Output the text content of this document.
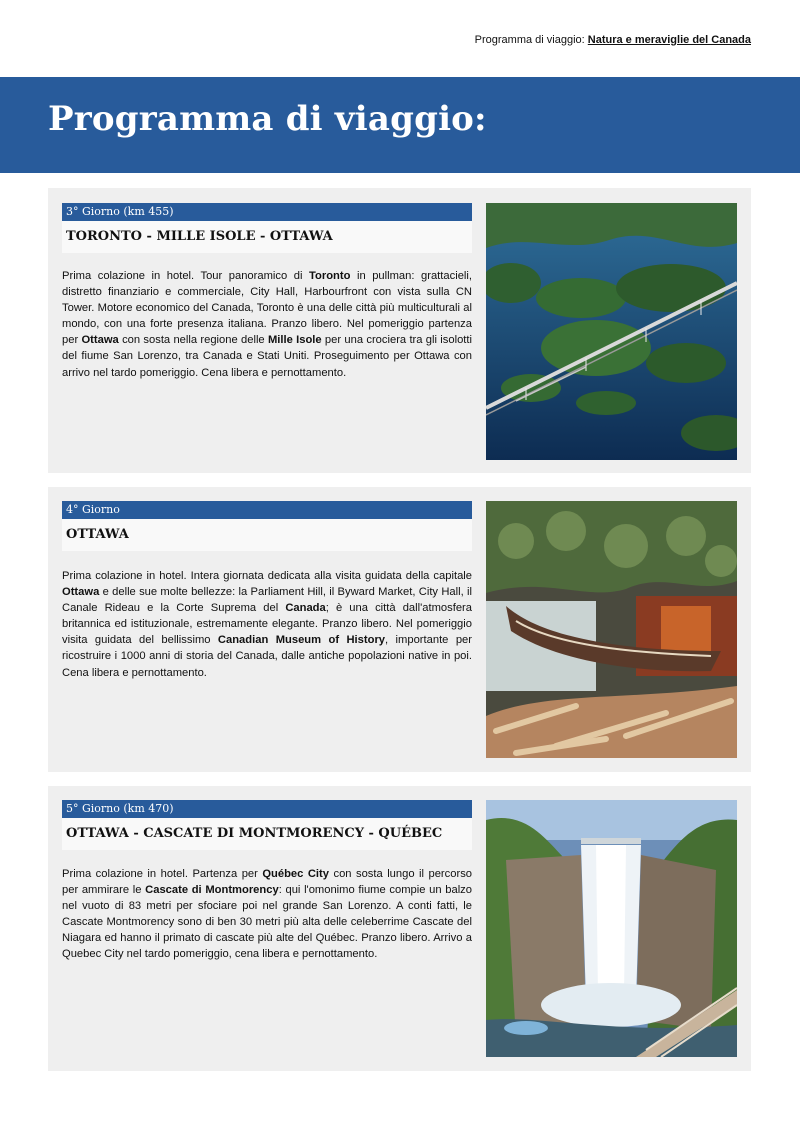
Programma di viaggio: Natura e meraviglie del Canada
Programma di viaggio:
3° Giorno (km 455)
TORONTO - MILLE ISOLE - OTTAWA
Prima colazione in hotel. Tour panoramico di Toronto in pullman: grattacieli, distretto finanziario e commerciale, City Hall, Harbourfront con vista sulla CN Tower. Motore economico del Canada, Toronto è una delle città più multiculturali al mondo, con una forte presenza italiana. Pranzo libero. Nel pomeriggio partenza per Ottawa con sosta nella regione delle Mille Isole per una crociera tra gli isolotti del fiume San Lorenzo, tra Canada e Stati Uniti. Proseguimento per Ottawa con arrivo nel tardo pomeriggio. Cena libera e pernottamento.
4° Giorno
OTTAWA
Prima colazione in hotel. Intera giornata dedicata alla visita guidata della capitale Ottawa e delle sue molte bellezze: la Parliament Hill, il Byward Market, City Hall, il Canale Rideau e la Corte Suprema del Canada; è una città dall'atmosfera britannica ed istituzionale, estremamente elegante. Pranzo libero. Nel pomeriggio visita guidata del bellissimo Canadian Museum of History, importante per ricostruire i 1000 anni di storia del Canada, dalle antiche popolazioni native in poi. Cena libera e pernottamento.
5° Giorno (km 470)
OTTAWA - CASCATE DI MONTMORENCY - QUÉBEC
Prima colazione in hotel. Partenza per Québec City con sosta lungo il percorso per ammirare le Cascate di Montmorency: qui l'omonimo fiume compie un balzo nel vuoto di 83 metri per sfociare poi nel grande San Lorenzo. A conti fatti, le Cascate Montmorency sono di ben 30 metri più alta delle celeberrime Cascate del Niagara ed hanno il primato di cascate più alte del Québec. Pranzo libero. Arrivo a Quebec City nel tardo pomeriggio, cena libera e pernottamento.
